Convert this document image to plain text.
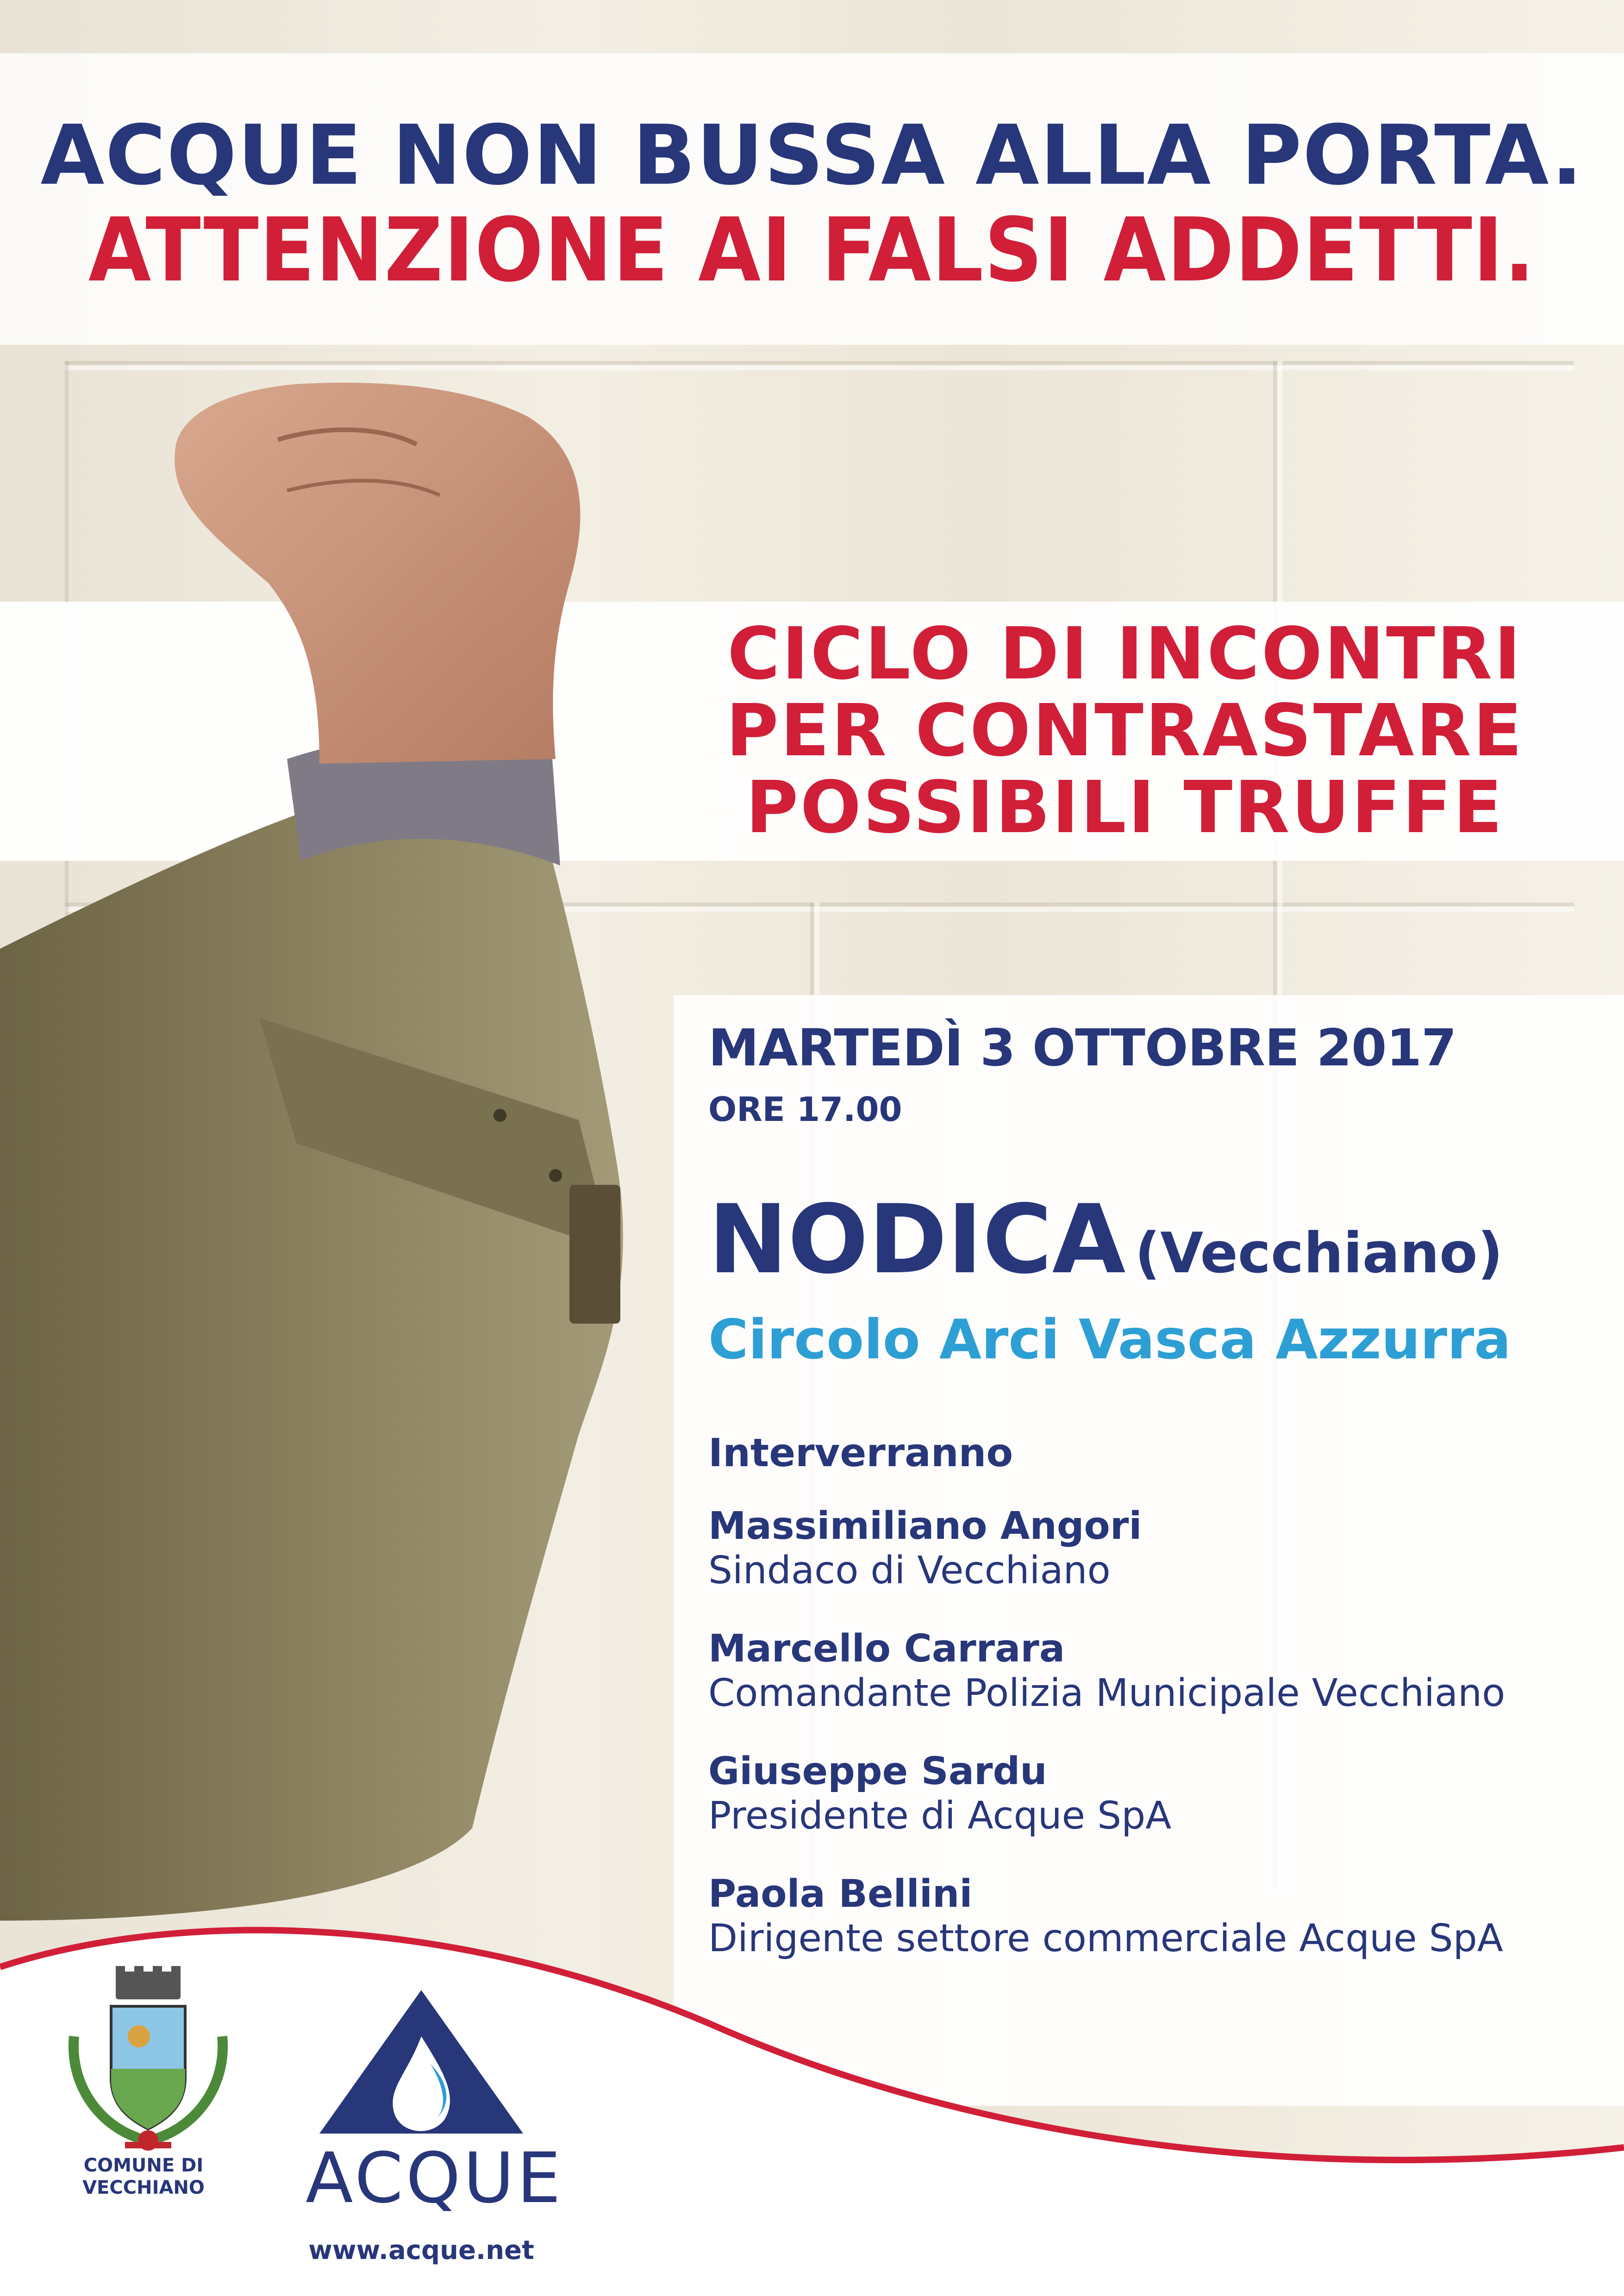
ACQUE NON BUSSA ALLA PORTA.
ATTENZIONE AI FALSI ADDETTI.
CICLO DI INCONTRI
PER CONTRASTARE
POSSIBILI TRUFFE

MARTEDÌ 3 OTTOBRE 2017

ORE 17.00

NODICA (Vecchiano)

Circolo Arci Vasca Azzurra

Interverranno

Massimiliano Angori
Sindaco di Vecchiano
Marcello Carrara
Comandante Polizia Municipale Vecchiano
Giuseppe Sardu
Presidente di Acque SpA
Paola Bellini
Dirigente settore commerciale Acque SpA
COMUNE DI
VECCHIANO ACQUE

www.acque.net
